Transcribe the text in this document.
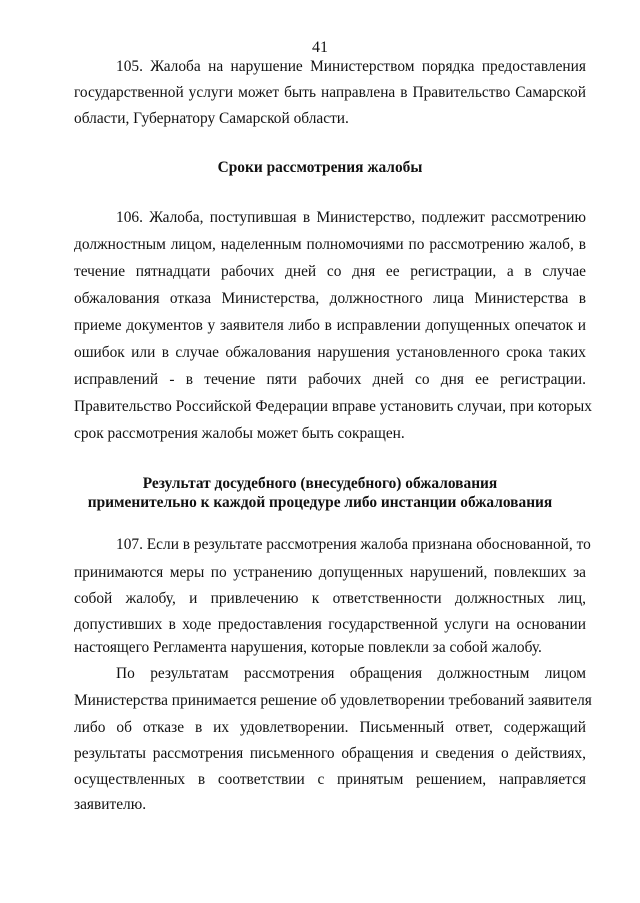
41
105. Жалоба на нарушение Министерством порядка предоставления
государственной услуги может быть направлена в Правительство Самарской
области, Губернатору Самарской области.
Сроки рассмотрения жалобы
106. Жалоба, поступившая в Министерство, подлежит рассмотрению
должностным лицом, наделенным полномочиями по рассмотрению жалоб, в
течение пятнадцати рабочих дней со дня ее регистрации, а в случае
обжалования отказа Министерства, должностного лица Министерства в
приеме документов у заявителя либо в исправлении допущенных опечаток и
ошибок или в случае обжалования нарушения установленного срока таких
исправлений - в течение пяти рабочих дней со дня ее регистрации.
Правительство Российской Федерации вправе установить случаи, при которых
срок рассмотрения жалобы может быть сокращен.
Результат досудебного (внесудебного) обжалования
применительно к каждой процедуре либо инстанции обжалования
107. Если в результате рассмотрения жалоба признана обоснованной, то
принимаются меры по устранению допущенных нарушений, повлекших за
собой жалобу, и привлечению к ответственности должностных лиц,
допустивших в ходе предоставления государственной услуги на основании
настоящего Регламента нарушения, которые повлекли за собой жалобу.
По результатам рассмотрения обращения должностным лицом
Министерства принимается решение об удовлетворении требований заявителя
либо об отказе в их удовлетворении. Письменный ответ, содержащий
результаты рассмотрения письменного обращения и сведения о действиях,
осуществленных в соответствии с принятым решением, направляется
заявителю.
